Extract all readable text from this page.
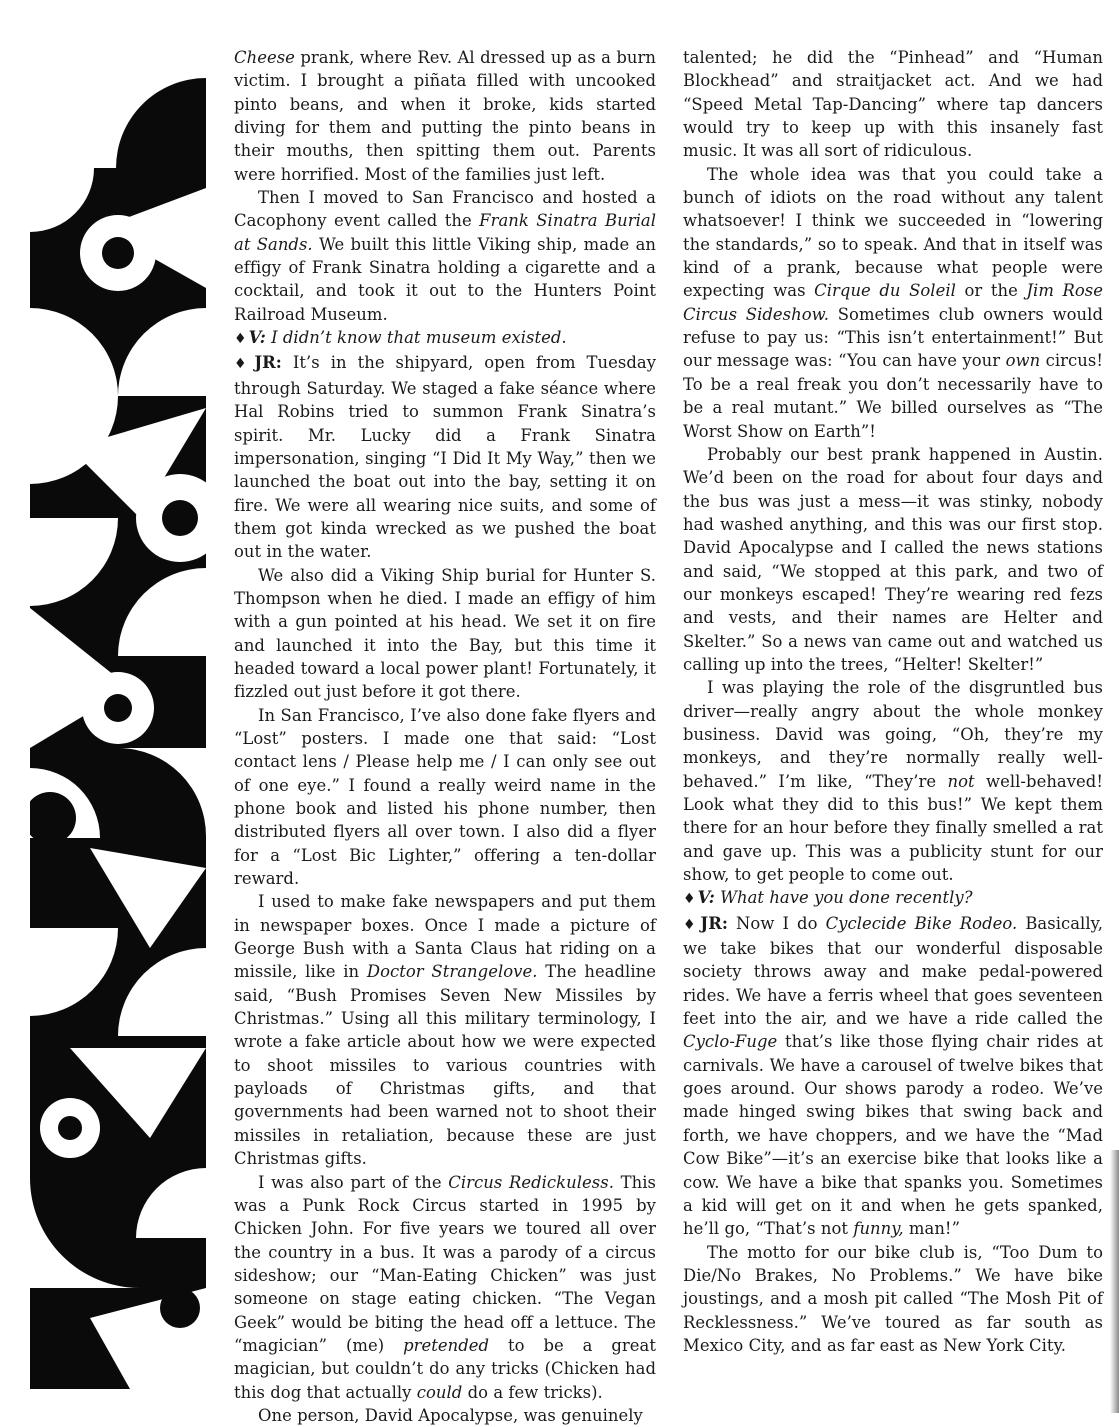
Cheese prank, where Rev. Al dressed up as a burn victim. I brought a piñata filled with uncooked pinto beans, and when it broke, kids started diving for them and putting the pinto beans in their mouths, then spitting them out. Parents were horrified. Most of the families just left.

Then I moved to San Francisco and hosted a Cacophony event called the Frank Sinatra Burial at Sands. We built this little Viking ship, made an effigy of Frank Sinatra holding a cigarette and a cocktail, and took it out to the Hunters Point Railroad Museum.

♦ V: I didn’t know that museum existed.

♦ JR: It’s in the shipyard, open from Tuesday through Saturday. We staged a fake séance where Hal Robins tried to summon Frank Sinatra’s spirit. Mr. Lucky did a Frank Sinatra impersonation, singing “I Did It My Way,” then we launched the boat out into the bay, setting it on fire. We were all wearing nice suits, and some of them got kinda wrecked as we pushed the boat out in the water.

We also did a Viking Ship burial for Hunter S. Thompson when he died. I made an effigy of him with a gun pointed at his head. We set it on fire and launched it into the Bay, but this time it headed toward a local power plant! Fortunately, it fizzled out just before it got there.

In San Francisco, I’ve also done fake flyers and “Lost” posters. I made one that said: “Lost contact lens / Please help me / I can only see out of one eye.” I found a really weird name in the phone book and listed his phone number, then distributed flyers all over town. I also did a flyer for a “Lost Bic Lighter,” offering a ten-dollar reward.

I used to make fake newspapers and put them in newspaper boxes. Once I made a picture of George Bush with a Santa Claus hat riding on a missile, like in Doctor Strangelove. The headline said, “Bush Promises Seven New Missiles by Christmas.” Using all this military terminology, I wrote a fake article about how we were expected to shoot missiles to various countries with payloads of Christmas gifts, and that governments had been warned not to shoot their missiles in retaliation, because these are just Christmas gifts.

I was also part of the Circus Redickuless. This was a Punk Rock Circus started in 1995 by Chicken John. For five years we toured all over the country in a bus. It was a parody of a circus sideshow; our “Man-Eating Chicken” was just someone on stage eating chicken. “The Vegan Geek” would be biting the head off a lettuce. The “magician” (me) pretended to be a great magician, but couldn’t do any tricks (Chicken had this dog that actually could do a few tricks).

One person, David Apocalypse, was genuinely

talented; he did the “Pinhead” and “Human Blockhead” and straitjacket act. And we had “Speed Metal Tap-Dancing” where tap dancers would try to keep up with this insanely fast music. It was all sort of ridiculous.

The whole idea was that you could take a bunch of idiots on the road without any talent whatsoever! I think we succeeded in “lowering the standards,” so to speak. And that in itself was kind of a prank, because what people were expecting was Cirque du Soleil or the Jim Rose Circus Sideshow. Sometimes club owners would refuse to pay us: “This isn’t entertainment!” But our message was: “You can have your own circus! To be a real freak you don’t necessarily have to be a real mutant.” We billed ourselves as “The Worst Show on Earth”!

Probably our best prank happened in Austin. We’d been on the road for about four days and the bus was just a mess—it was stinky, nobody had washed anything, and this was our first stop. David Apocalypse and I called the news stations and said, “We stopped at this park, and two of our monkeys escaped! They’re wearing red fezs and vests, and their names are Helter and Skelter.” So a news van came out and watched us calling up into the trees, “Helter! Skelter!”

I was playing the role of the disgruntled bus driver—really angry about the whole monkey business. David was going, “Oh, they’re my monkeys, and they’re normally really well-behaved.” I’m like, “They’re not well-behaved! Look what they did to this bus!” We kept them there for an hour before they finally smelled a rat and gave up. This was a publicity stunt for our show, to get people to come out.

♦ V: What have you done recently?

♦ JR: Now I do Cyclecide Bike Rodeo. Basically, we take bikes that our wonderful disposable society throws away and make pedal-powered rides. We have a ferris wheel that goes seventeen feet into the air, and we have a ride called the Cyclo-Fuge that’s like those flying chair rides at carnivals. We have a carousel of twelve bikes that goes around. Our shows parody a rodeo. We’ve made hinged swing bikes that swing back and forth, we have choppers, and we have the “Mad Cow Bike”—it’s an exercise bike that looks like a cow. We have a bike that spanks you. Sometimes a kid will get on it and when he gets spanked, he’ll go, “That’s not funny, man!”

The motto for our bike club is, “Too Dum to Die/No Brakes, No Problems.” We have bike joustings, and a mosh pit called “The Mosh Pit of Recklessness.” We’ve toured as far south as Mexico City, and as far east as New York City.
